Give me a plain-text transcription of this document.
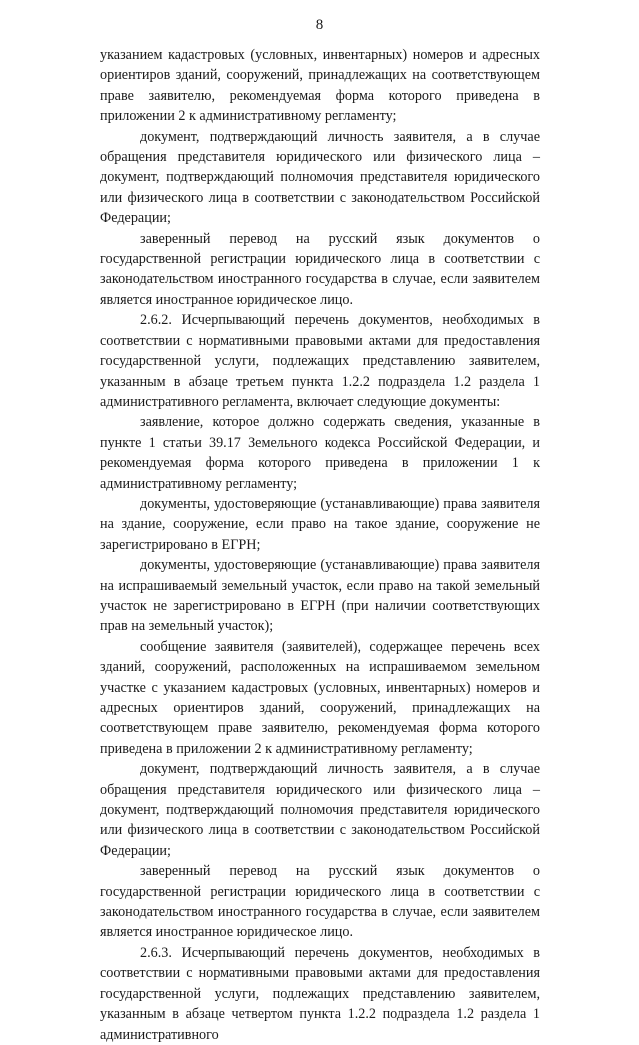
8

указанием кадастровых (условных, инвентарных) номеров и адресных ориентиров зданий, сооружений, принадлежащих на соответствующем праве заявителю, рекомендуемая форма которого приведена в приложении 2 к административному регламенту;

документ, подтверждающий личность заявителя, а в случае обращения представителя юридического или физического лица – документ, подтверждающий полномочия представителя юридического или физического лица в соответствии с законодательством Российской Федерации;

заверенный перевод на русский язык документов о государственной регистрации юридического лица в соответствии с законодательством иностранного государства в случае, если заявителем является иностранное юридическое лицо.

2.6.2. Исчерпывающий перечень документов, необходимых в соответствии с нормативными правовыми актами для предоставления государственной услуги, подлежащих представлению заявителем, указанным в абзаце третьем пункта 1.2.2 подраздела 1.2 раздела 1 административного регламента, включает следующие документы:

заявление, которое должно содержать сведения, указанные в пункте 1 статьи 39.17 Земельного кодекса Российской Федерации, и рекомендуемая форма которого приведена в приложении 1 к административному регламенту;

документы, удостоверяющие (устанавливающие) права заявителя на здание, сооружение, если право на такое здание, сооружение не зарегистрировано в ЕГРН;

документы, удостоверяющие (устанавливающие) права заявителя на испрашиваемый земельный участок, если право на такой земельный участок не зарегистрировано в ЕГРН (при наличии соответствующих прав на земельный участок);

сообщение заявителя (заявителей), содержащее перечень всех зданий, сооружений, расположенных на испрашиваемом земельном участке с указанием кадастровых (условных, инвентарных) номеров и адресных ориентиров зданий, сооружений, принадлежащих на соответствующем праве заявителю, рекомендуемая форма которого приведена в приложении 2 к административному регламенту;

документ, подтверждающий личность заявителя, а в случае обращения представителя юридического или физического лица – документ, подтверждающий полномочия представителя юридического или физического лица в соответствии с законодательством Российской Федерации;

заверенный перевод на русский язык документов о государственной регистрации юридического лица в соответствии с законодательством иностранного государства в случае, если заявителем является иностранное юридическое лицо.

2.6.3. Исчерпывающий перечень документов, необходимых в соответствии с нормативными правовыми актами для предоставления государственной услуги, подлежащих представлению заявителем, указанным в абзаце четвертом пункта 1.2.2 подраздела 1.2 раздела 1 административного
